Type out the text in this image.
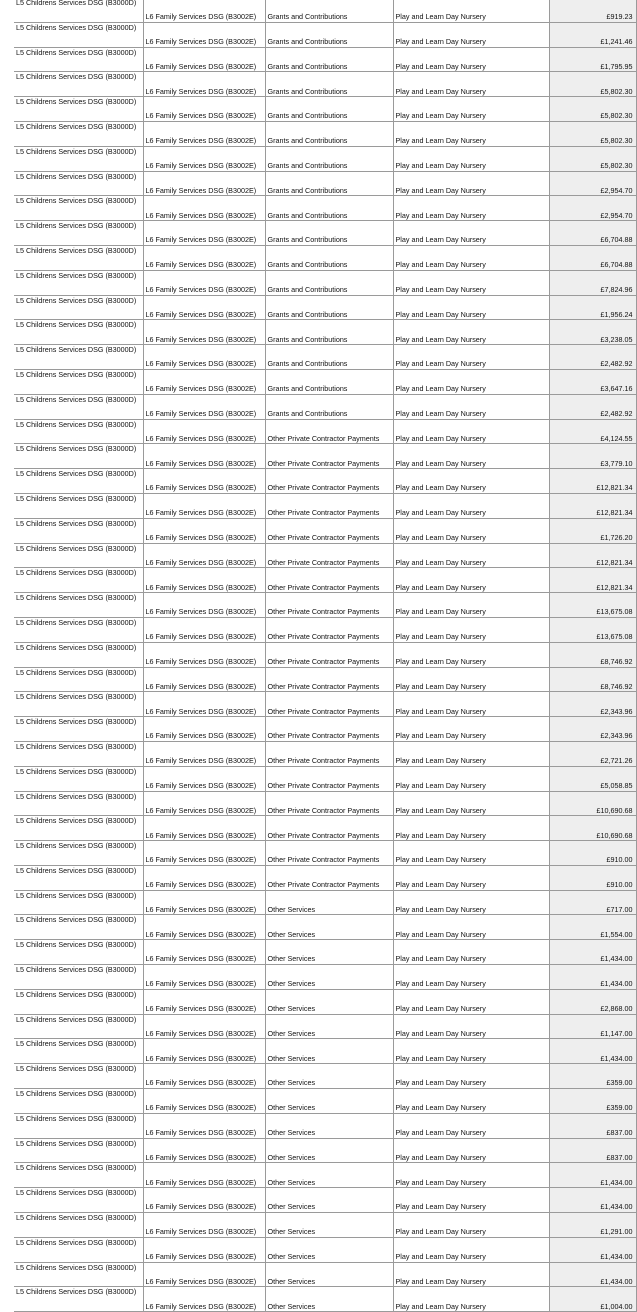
L5 Childrens Services DSG (B3000D)	L6 Family Services DSG (B3002E)	Grants and Contributions	Play and Learn Day Nursery	£919.23
L5 Childrens Services DSG (B3000D)	L6 Family Services DSG (B3002E)	Grants and Contributions	Play and Learn Day Nursery	£1,241.46
L5 Childrens Services DSG (B3000D)	L6 Family Services DSG (B3002E)	Grants and Contributions	Play and Learn Day Nursery	£1,795.95
L5 Childrens Services DSG (B3000D)	L6 Family Services DSG (B3002E)	Grants and Contributions	Play and Learn Day Nursery	£5,802.30
L5 Childrens Services DSG (B3000D)	L6 Family Services DSG (B3002E)	Grants and Contributions	Play and Learn Day Nursery	£5,802.30
L5 Childrens Services DSG (B3000D)	L6 Family Services DSG (B3002E)	Grants and Contributions	Play and Learn Day Nursery	£5,802.30
L5 Childrens Services DSG (B3000D)	L6 Family Services DSG (B3002E)	Grants and Contributions	Play and Learn Day Nursery	£5,802.30
L5 Childrens Services DSG (B3000D)	L6 Family Services DSG (B3002E)	Grants and Contributions	Play and Learn Day Nursery	£2,954.70
L5 Childrens Services DSG (B3000D)	L6 Family Services DSG (B3002E)	Grants and Contributions	Play and Learn Day Nursery	£2,954.70
L5 Childrens Services DSG (B3000D)	L6 Family Services DSG (B3002E)	Grants and Contributions	Play and Learn Day Nursery	£6,704.88
L5 Childrens Services DSG (B3000D)	L6 Family Services DSG (B3002E)	Grants and Contributions	Play and Learn Day Nursery	£6,704.88
L5 Childrens Services DSG (B3000D)	L6 Family Services DSG (B3002E)	Grants and Contributions	Play and Learn Day Nursery	£7,824.96
L5 Childrens Services DSG (B3000D)	L6 Family Services DSG (B3002E)	Grants and Contributions	Play and Learn Day Nursery	£1,956.24
L5 Childrens Services DSG (B3000D)	L6 Family Services DSG (B3002E)	Grants and Contributions	Play and Learn Day Nursery	£3,238.05
L5 Childrens Services DSG (B3000D)	L6 Family Services DSG (B3002E)	Grants and Contributions	Play and Learn Day Nursery	£2,482.92
L5 Childrens Services DSG (B3000D)	L6 Family Services DSG (B3002E)	Grants and Contributions	Play and Learn Day Nursery	£3,647.16
L5 Childrens Services DSG (B3000D)	L6 Family Services DSG (B3002E)	Grants and Contributions	Play and Learn Day Nursery	£2,482.92
L5 Childrens Services DSG (B3000D)	L6 Family Services DSG (B3002E)	Other Private Contractor Payments	Play and Learn Day Nursery	£4,124.55
L5 Childrens Services DSG (B3000D)	L6 Family Services DSG (B3002E)	Other Private Contractor Payments	Play and Learn Day Nursery	£3,779.10
L5 Childrens Services DSG (B3000D)	L6 Family Services DSG (B3002E)	Other Private Contractor Payments	Play and Learn Day Nursery	£12,821.34
L5 Childrens Services DSG (B3000D)	L6 Family Services DSG (B3002E)	Other Private Contractor Payments	Play and Learn Day Nursery	£12,821.34
L5 Childrens Services DSG (B3000D)	L6 Family Services DSG (B3002E)	Other Private Contractor Payments	Play and Learn Day Nursery	£1,726.20
L5 Childrens Services DSG (B3000D)	L6 Family Services DSG (B3002E)	Other Private Contractor Payments	Play and Learn Day Nursery	£12,821.34
L5 Childrens Services DSG (B3000D)	L6 Family Services DSG (B3002E)	Other Private Contractor Payments	Play and Learn Day Nursery	£12,821.34
L5 Childrens Services DSG (B3000D)	L6 Family Services DSG (B3002E)	Other Private Contractor Payments	Play and Learn Day Nursery	£13,675.08
L5 Childrens Services DSG (B3000D)	L6 Family Services DSG (B3002E)	Other Private Contractor Payments	Play and Learn Day Nursery	£13,675.08
L5 Childrens Services DSG (B3000D)	L6 Family Services DSG (B3002E)	Other Private Contractor Payments	Play and Learn Day Nursery	£8,746.92
L5 Childrens Services DSG (B3000D)	L6 Family Services DSG (B3002E)	Other Private Contractor Payments	Play and Learn Day Nursery	£8,746.92
L5 Childrens Services DSG (B3000D)	L6 Family Services DSG (B3002E)	Other Private Contractor Payments	Play and Learn Day Nursery	£2,343.96
L5 Childrens Services DSG (B3000D)	L6 Family Services DSG (B3002E)	Other Private Contractor Payments	Play and Learn Day Nursery	£2,343.96
L5 Childrens Services DSG (B3000D)	L6 Family Services DSG (B3002E)	Other Private Contractor Payments	Play and Learn Day Nursery	£2,721.26
L5 Childrens Services DSG (B3000D)	L6 Family Services DSG (B3002E)	Other Private Contractor Payments	Play and Learn Day Nursery	£5,058.85
L5 Childrens Services DSG (B3000D)	L6 Family Services DSG (B3002E)	Other Private Contractor Payments	Play and Learn Day Nursery	£10,690.68
L5 Childrens Services DSG (B3000D)	L6 Family Services DSG (B3002E)	Other Private Contractor Payments	Play and Learn Day Nursery	£10,690.68
L5 Childrens Services DSG (B3000D)	L6 Family Services DSG (B3002E)	Other Private Contractor Payments	Play and Learn Day Nursery	£910.00
L5 Childrens Services DSG (B3000D)	L6 Family Services DSG (B3002E)	Other Private Contractor Payments	Play and Learn Day Nursery	£910.00
L5 Childrens Services DSG (B3000D)	L6 Family Services DSG (B3002E)	Other Services	Play and Learn Day Nursery	£717.00
L5 Childrens Services DSG (B3000D)	L6 Family Services DSG (B3002E)	Other Services	Play and Learn Day Nursery	£1,554.00
L5 Childrens Services DSG (B3000D)	L6 Family Services DSG (B3002E)	Other Services	Play and Learn Day Nursery	£1,434.00
L5 Childrens Services DSG (B3000D)	L6 Family Services DSG (B3002E)	Other Services	Play and Learn Day Nursery	£1,434.00
L5 Childrens Services DSG (B3000D)	L6 Family Services DSG (B3002E)	Other Services	Play and Learn Day Nursery	£2,868.00
L5 Childrens Services DSG (B3000D)	L6 Family Services DSG (B3002E)	Other Services	Play and Learn Day Nursery	£1,147.00
L5 Childrens Services DSG (B3000D)	L6 Family Services DSG (B3002E)	Other Services	Play and Learn Day Nursery	£1,434.00
L5 Childrens Services DSG (B3000D)	L6 Family Services DSG (B3002E)	Other Services	Play and Learn Day Nursery	£359.00
L5 Childrens Services DSG (B3000D)	L6 Family Services DSG (B3002E)	Other Services	Play and Learn Day Nursery	£359.00
L5 Childrens Services DSG (B3000D)	L6 Family Services DSG (B3002E)	Other Services	Play and Learn Day Nursery	£837.00
L5 Childrens Services DSG (B3000D)	L6 Family Services DSG (B3002E)	Other Services	Play and Learn Day Nursery	£837.00
L5 Childrens Services DSG (B3000D)	L6 Family Services DSG (B3002E)	Other Services	Play and Learn Day Nursery	£1,434.00
L5 Childrens Services DSG (B3000D)	L6 Family Services DSG (B3002E)	Other Services	Play and Learn Day Nursery	£1,434.00
L5 Childrens Services DSG (B3000D)	L6 Family Services DSG (B3002E)	Other Services	Play and Learn Day Nursery	£1,291.00
L5 Childrens Services DSG (B3000D)	L6 Family Services DSG (B3002E)	Other Services	Play and Learn Day Nursery	£1,434.00
L5 Childrens Services DSG (B3000D)	L6 Family Services DSG (B3002E)	Other Services	Play and Learn Day Nursery	£1,434.00
L5 Childrens Services DSG (B3000D)	L6 Family Services DSG (B3002E)	Other Services	Play and Learn Day Nursery	£1,004.00
